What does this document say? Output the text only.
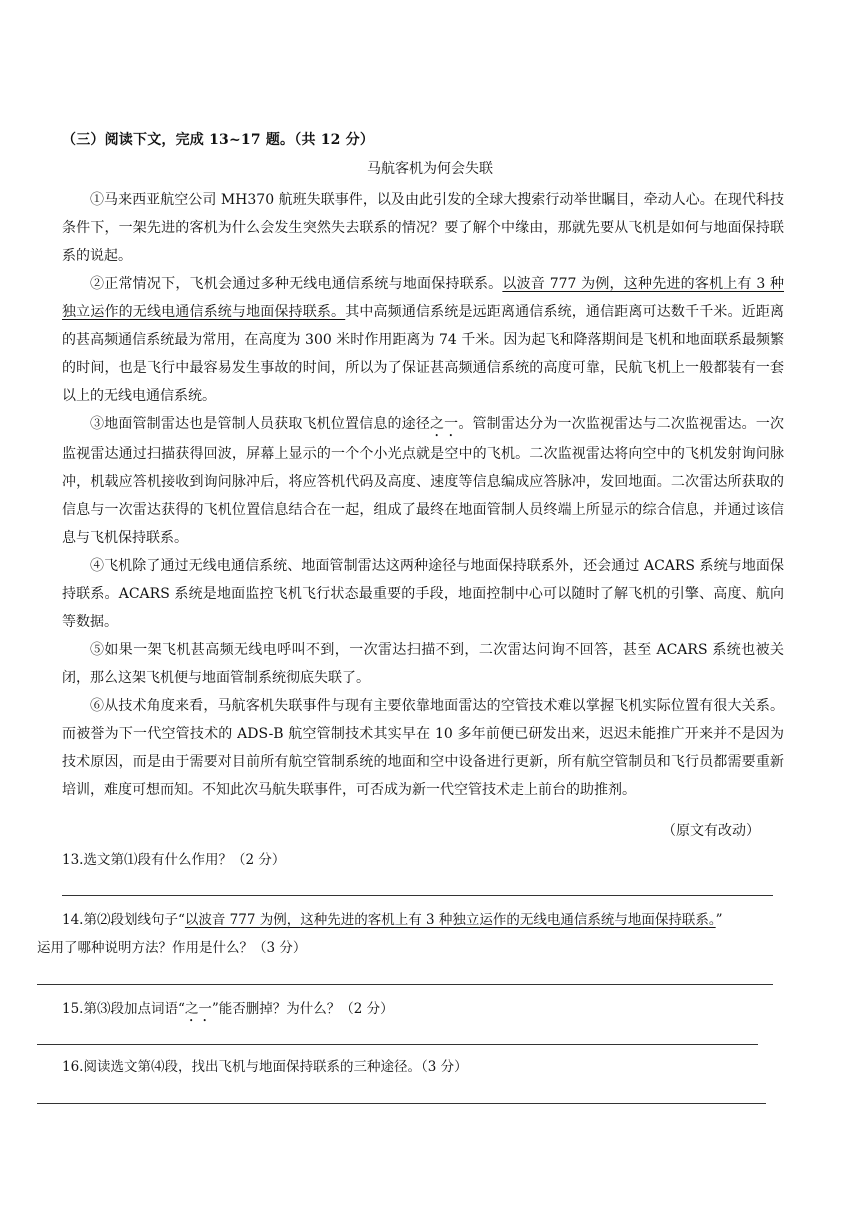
（三）阅读下文，完成 13~17 题。（共 12 分）
马航客机为何会失联

①马来西亚航空公司 MH370 航班失联事件，以及由此引发的全球大搜索行动举世瞩目，牵动人心。在现代科技条件下，一架先进的客机为什么会发生突然失去联系的情况？要了解个中缘由，那就先要从飞机是如何与地面保持联系的说起。

②正常情况下，飞机会通过多种无线电通信系统与地面保持联系。以波音 777 为例，这种先进的客机上有 3 种独立运作的无线电通信系统与地面保持联系。其中高频通信系统是远距离通信系统，通信距离可达数千千米。近距离的甚高频通信系统最为常用，在高度为 300 米时作用距离为 74 千米。因为起飞和降落期间是飞机和地面联系最频繁的时间，也是飞行中最容易发生事故的时间，所以为了保证甚高频通信系统的高度可靠，民航飞机上一般都装有一套以上的无线电通信系统。

③地面管制雷达也是管制人员获取飞机位置信息的途径之一。管制雷达分为一次监视雷达与二次监视雷达。一次监视雷达通过扫描获得回波，屏幕上显示的一个个小光点就是空中的飞机。二次监视雷达将向空中的飞机发射询问脉冲，机载应答机接收到询问脉冲后，将应答机代码及高度、速度等信息编成应答脉冲，发回地面。二次雷达所获取的信息与一次雷达获得的飞机位置信息结合在一起，组成了最终在地面管制人员终端上所显示的综合信息，并通过该信息与飞机保持联系。

④飞机除了通过无线电通信系统、地面管制雷达这两种途径与地面保持联系外，还会通过 ACARS 系统与地面保持联系。ACARS 系统是地面监控飞机飞行状态最重要的手段，地面控制中心可以随时了解飞机的引擎、高度、航向等数据。

⑤如果一架飞机甚高频无线电呼叫不到，一次雷达扫描不到，二次雷达问询不回答，甚至 ACARS 系统也被关闭，那么这架飞机便与地面管制系统彻底失联了。

⑥从技术角度来看，马航客机失联事件与现有主要依靠地面雷达的空管技术难以掌握飞机实际位置有很大关系。而被誉为下一代空管技术的 ADS-B 航空管制技术其实早在 10 多年前便已研发出来，迟迟未能推广开来并不是因为技术原因，而是由于需要对目前所有航空管制系统的地面和空中设备进行更新，所有航空管制员和飞行员都需要重新培训，难度可想而知。不知此次马航失联事件，可否成为新一代空管技术走上前台的助推剂。

（原文有改动）
13.选文第⑴段有什么作用？（2 分）
14.第⑵段划线句子“以波音 777 为例，这种先进的客机上有 3 种独立运作的无线电通信系统与地面保持联系。”
运用了哪种说明方法？作用是什么？（3 分）
15.第⑶段加点词语“之一”能否删掉？为什么？（2 分）
16.阅读选文第⑷段，找出飞机与地面保持联系的三种途径。（3 分）
